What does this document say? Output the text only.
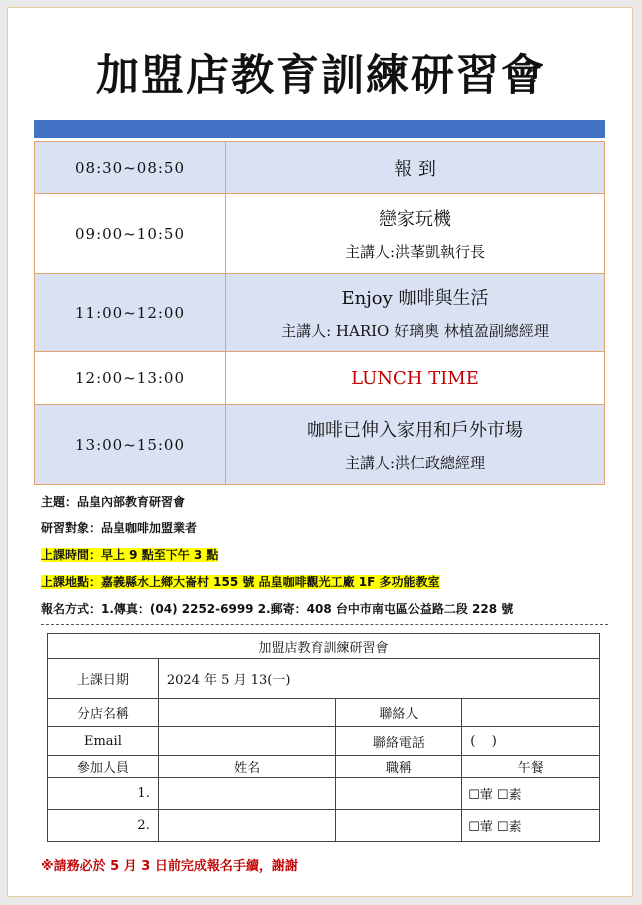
加盟店教育訓練研習會
08:30~08:50	報 到

09:00~10:50	戀家玩機
主講人:洪莑凱執行長

11:00~12:00	Enjoy 咖啡與生活
主講人: HARIO 好璃奧 林植盈副總經理

12:00~13:00	LUNCH TIME

13:00~15:00	咖啡已伸入家用和戶外市場
主講人:洪仁政總經理
主題：品皇內部教育研習會
研習對象：品皇咖啡加盟業者
上課時間：早上 9 點至下午 3 點
上課地點：嘉義縣水上鄉大崙村 155 號 品皇咖啡觀光工廠 1F 多功能教室
報名方式：1.傳真：(04) 2252-6999 2.郵寄：408 台中市南屯區公益路二段 228 號
加盟店教育訓練研習會			
上課日期	2024 年 5 月 13(一)		
分店名稱		聯絡人	
Email		聯絡電話	(    )
參加人員	姓名	職稱	午餐
1.			☐葷 ☐素
2.			☐葷 ☐素
※請務必於 5 月 3 日前完成報名手續，謝謝
